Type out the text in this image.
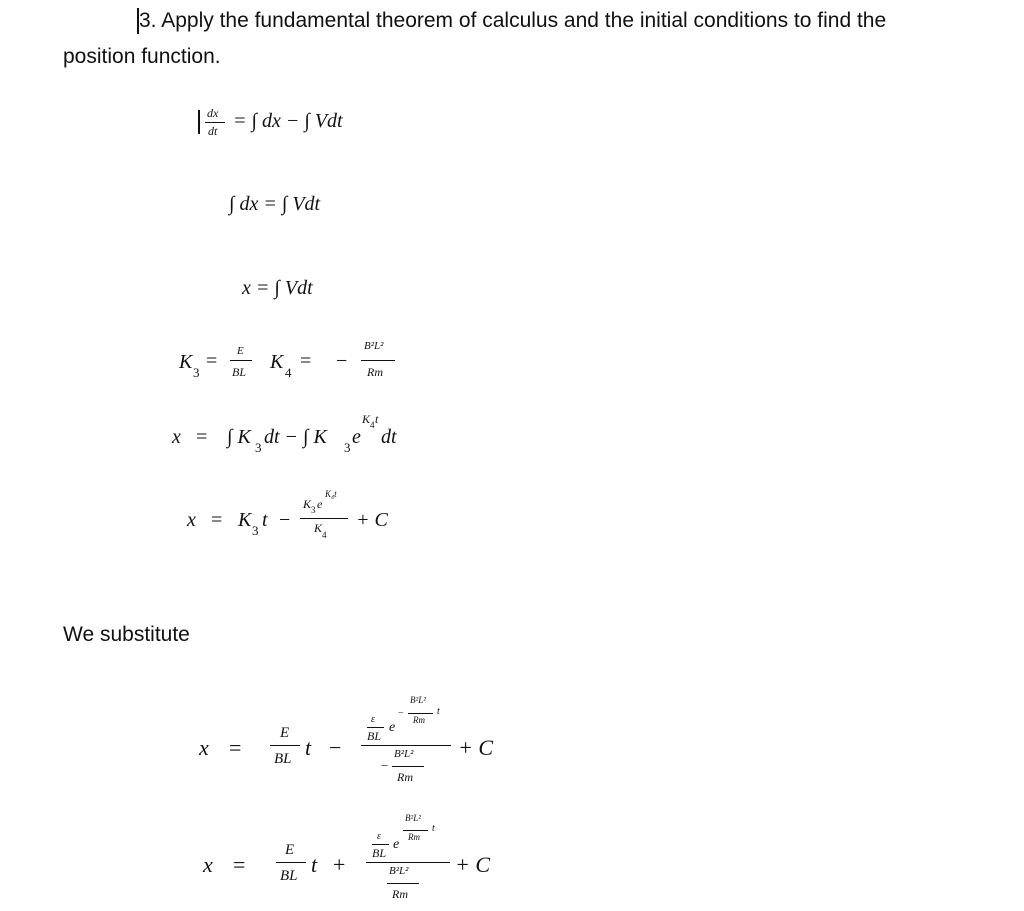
3. Apply the fundamental theorem of calculus and the initial conditions to find the
position function.
dx
dt = ∫ dx − ∫ Vdt
∫ dx = ∫ Vdt
x = ∫ Vdt
K 3
= E
BL K 4
= −
B²L²
Rm
x = ∫ K 3 dt − ∫ K 3 e
K 4 t
dt
x = K 3 t −
K 3 e
K₄t
K 4
+ C
We substitute
x =
E
BL t −
ε
BL
e
−
B²L²
Rm
t
−
B²L²
Rm
+ C
x =
E
BL t +
ε
BL
e
B²L²
Rm
t
B²L²
Rm
+ C
